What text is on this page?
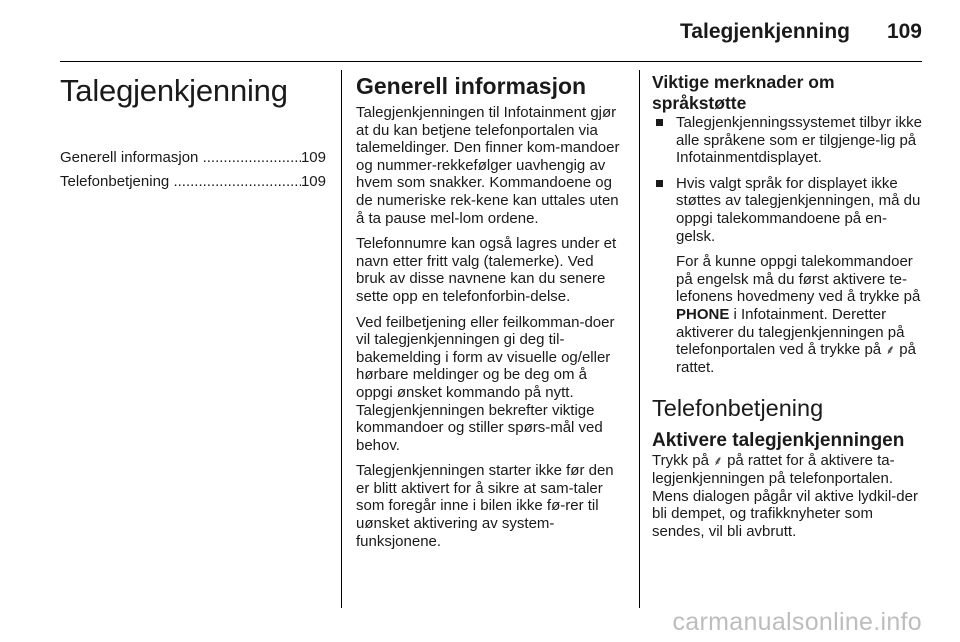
Talegjenkjenning 109
Talegjenkjenning
Generell informasjon .....	109
Telefonbetjening .....	109
Generell informasjon

Talegjenkjenningen til Infotainment gjør at du kan betjene telefonportalen via talemeldinger. Den finner kom-mandoer og nummer-rekkefølger uavhengig av hvem som snakker. Kommandoene og de numeriske rek-kene kan uttales uten å ta pause mel-lom ordene.

Telefonnumre kan også lagres under et navn etter fritt valg (talemerke). Ved bruk av disse navnene kan du senere sette opp en telefonforbin-delse.

Ved feilbetjening eller feilkomman-doer vil talegjenkjenningen gi deg til-bakemelding i form av visuelle og/eller hørbare meldinger og be deg om å oppgi ønsket kommando på nytt. Talegjenkjenningen bekrefter viktige kommandoer og stiller spørs-mål ved behov.

Talegjenkjenningen starter ikke før den er blitt aktivert for å sikre at sam-taler som foregår inne i bilen ikke fø-rer til uønsket aktivering av system-funksjonene.

Viktige merknader om språkstøtte
Talegjenkjenningssystemet tilbyr ikke alle språkene som er tilgjenge-lig på Infotainmentdisplayet.
Hvis valgt språk for displayet ikke støttes av talegjenkjenningen, må du oppgi talekommandoene på en-gelsk.
For å kunne oppgi talekommandoer på engelsk må du først aktivere te-lefonens hovedmeny ved å trykke på PHONE i Infotainment. Deretter aktiverer du talegjenkjenningen på telefonportalen ved å trykke på ⸙ på rattet.
Telefonbetjening
Aktivere talegjenkjenningen

Trykk på ⸙ på rattet for å aktivere ta-legjenkjenningen på telefonportalen. Mens dialogen pågår vil aktive lydkil-der bli dempet, og trafikknyheter som sendes, vil bli avbrutt.

carmanualsonline.info
